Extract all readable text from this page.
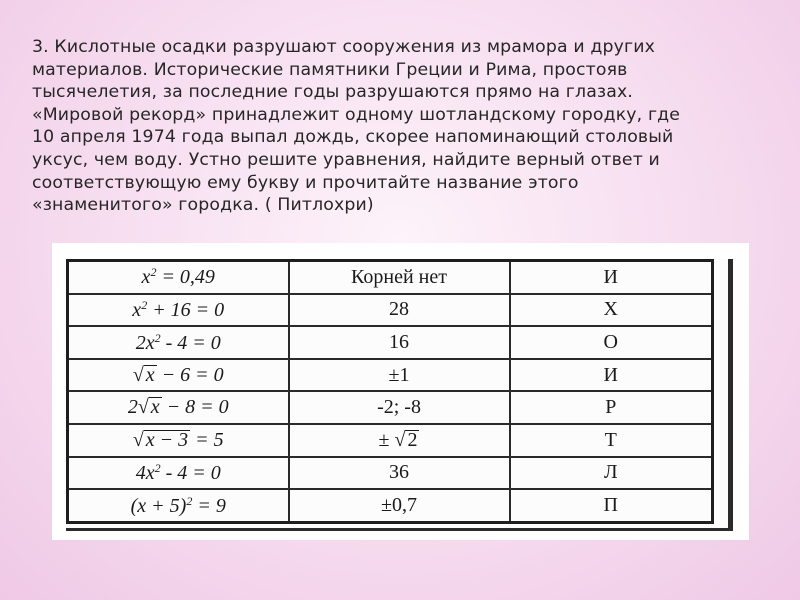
3. Кислотные осадки разрушают сооружения из мрамора и других

материалов. Исторические памятники Греции и Рима, простояв

тысячелетия, за последние годы разрушаются прямо на глазах.

«Мировой рекорд» принадлежит одному шотландскому городку, где

10 апреля 1974 года выпал дождь, скорее напоминающий столовый

уксус, чем воду. Устно решите уравнения, найдите верный ответ и

соответствующую ему букву и прочитайте название этого

«знаменитого» городка. ( Питлохри)

$x^2 = 0,49$	Корней нет	И
$x^2 + 16 = 0$	28	Х
$2x^2 - 4 = 0$	16	О
√ x − 6 = 0	±1	И
2√ x − 8 = 0	-2; -8	Р
√ x − 3 = 5	± √ 2	Т
$4x^2 - 4 = 0$	36	Л
$(x + 5)^2 = 9$	±0,7	П
